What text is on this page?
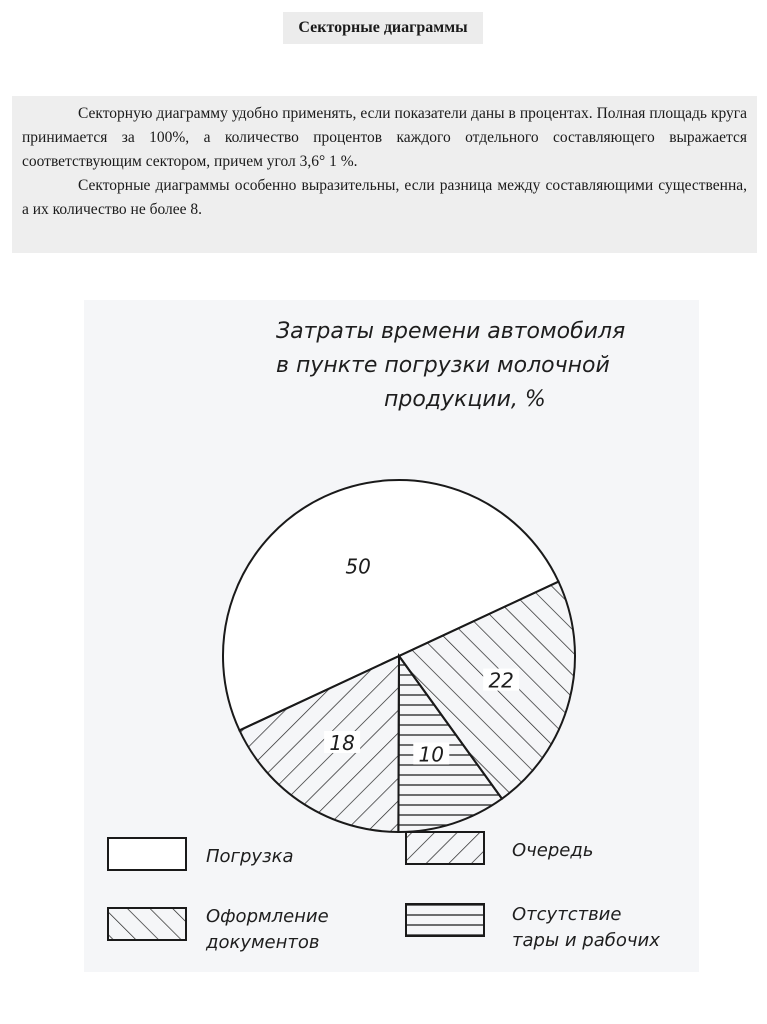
Секторные диаграммы

Секторную диаграмму удобно применять, если показатели даны в процентах. Полная площадь круга принимается за 100%, а количество процентов каждого отдельного составляющего выражается соответствующим сектором, причем угол 3,6° 1 %.

Секторные диаграммы особенно выразительны, если разница между составляющими существенна, а их количество не более 8.

Затраты времени автомобиля
в пункте погрузки молочной
продукции, %
50
18	10
22
Погрузка	Очередь
Оформление
документов
Отсутствие
тары и рабочих
